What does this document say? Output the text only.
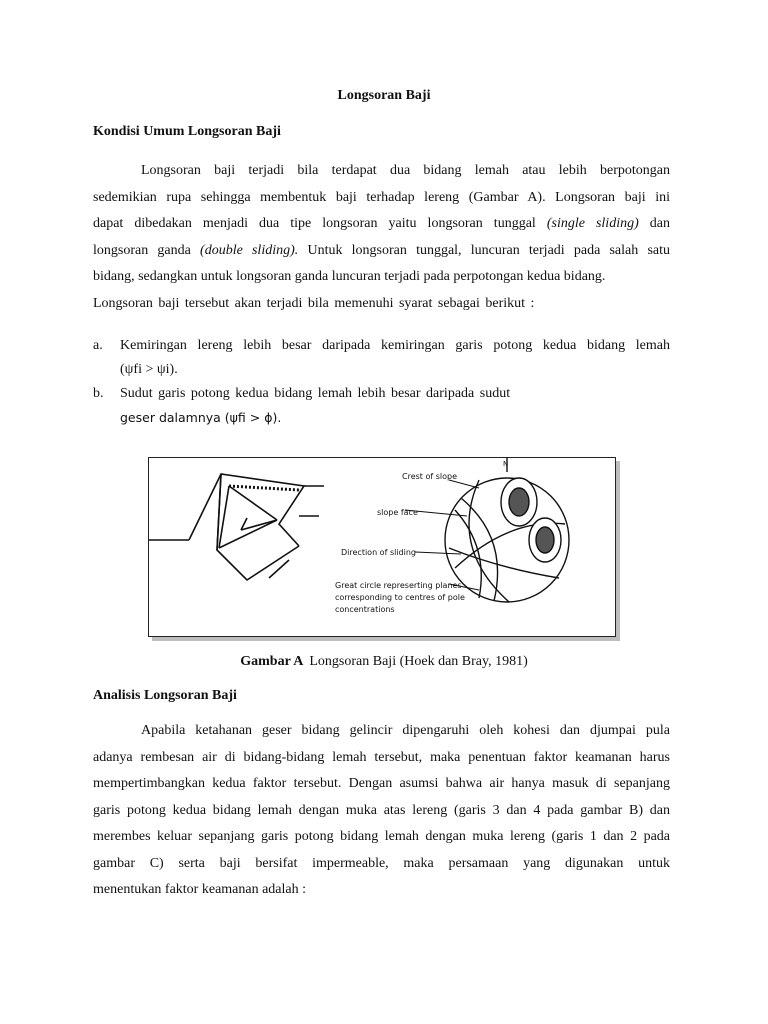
Longsoran Baji
Kondisi Umum Longsoran Baji
Longsoran baji terjadi bila terdapat dua bidang lemah atau lebih berpotongan
sedemikian rupa sehingga membentuk baji terhadap lereng (Gambar A). Longsoran baji ini
dapat dibedakan menjadi dua tipe longsoran yaitu longsoran tunggal (single sliding) dan
longsoran ganda (double sliding). Untuk longsoran tunggal, luncuran terjadi pada salah satu
bidang, sedangkan untuk longsoran ganda luncuran terjadi pada perpotongan kedua bidang.
Longsoran baji tersebut akan terjadi bila memenuhi syarat sebagai berikut :
a. Kemiringan lereng lebih besar daripada kemiringan garis potong kedua bidang lemah
(ψfi > ψi).
b. Sudut garis potong kedua bidang lemah lebih besar daripada sudut
geser dalamnya (ψfi > ϕ).
Crest of slope
slope face
Direction of sliding
Great circle represerting planes
corresponding to centres of pole
concentrations
N
Gambar A Longsoran Baji (Hoek dan Bray, 1981)
Analisis Longsoran Baji
Apabila ketahanan geser bidang gelincir dipengaruhi oleh kohesi dan djumpai pula
adanya rembesan air di bidang-bidang lemah tersebut, maka penentuan faktor keamanan harus
mempertimbangkan kedua faktor tersebut. Dengan asumsi bahwa air hanya masuk di sepanjang
garis potong kedua bidang lemah dengan muka atas lereng (garis 3 dan 4 pada gambar B) dan
merembes keluar sepanjang garis potong bidang lemah dengan muka lereng (garis 1 dan 2 pada
gambar C) serta baji bersifat impermeable, maka persamaan yang digunakan untuk
menentukan faktor keamanan adalah :
